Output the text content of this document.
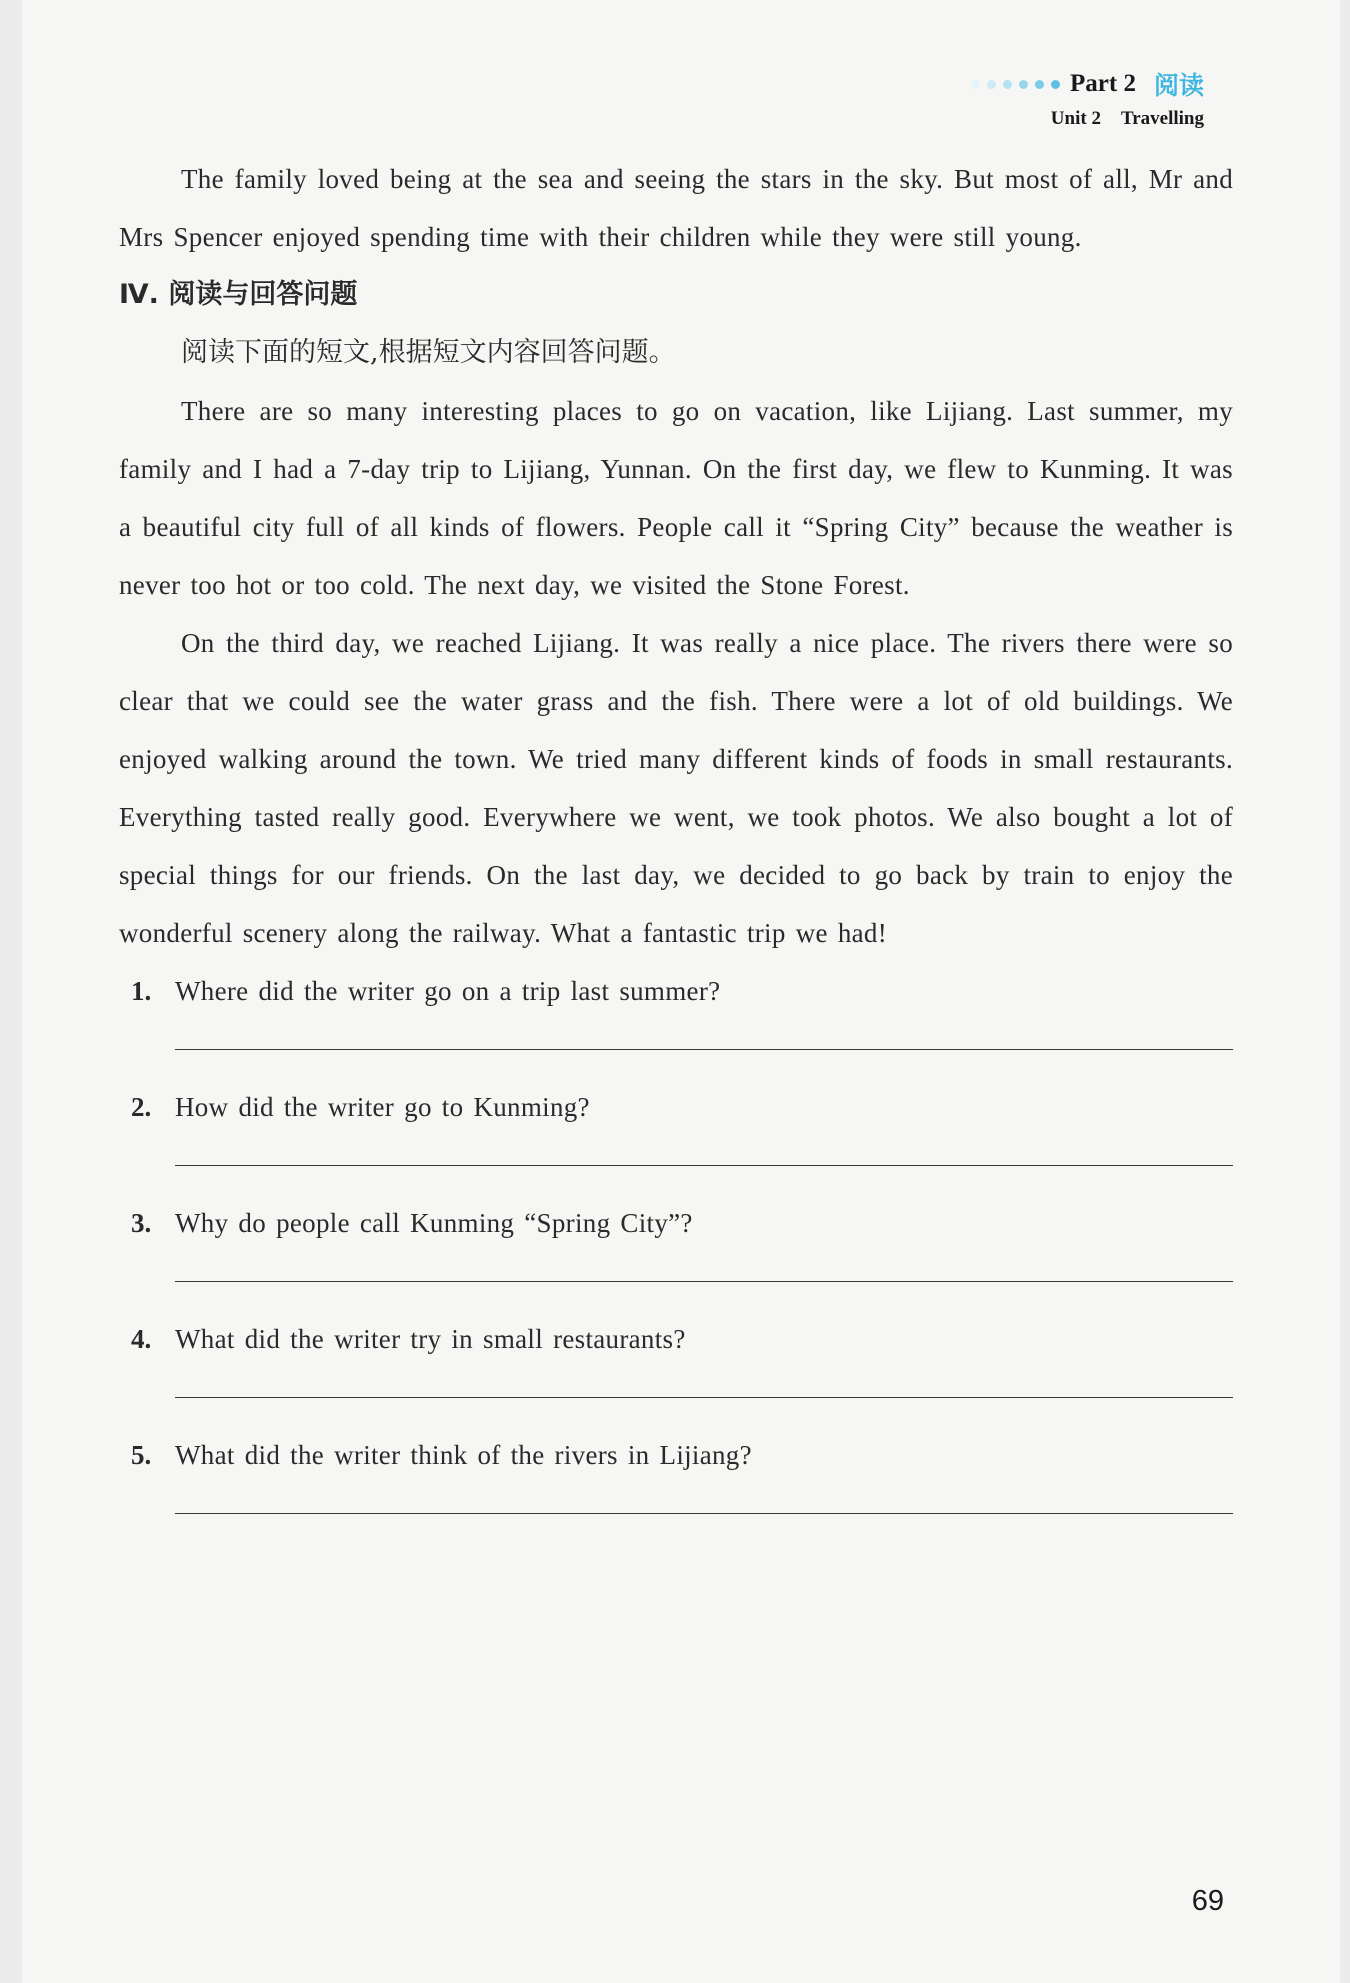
Part 2 阅读
Unit 2 Travelling

The family loved being at the sea and seeing the stars in the sky. But most of all, Mr and Mrs Spencer enjoyed spending time with their children while they were still young.

Ⅳ. 阅读与回答问题

阅读下面的短文,根据短文内容回答问题。

There are so many interesting places to go on vacation, like Lijiang. Last summer, my family and I had a 7-day trip to Lijiang, Yunnan. On the first day, we flew to Kunming. It was a beautiful city full of all kinds of flowers. People call it “Spring City” because the weather is never too hot or too cold. The next day, we visited the Stone Forest.

On the third day, we reached Lijiang. It was really a nice place. The rivers there were so clear that we could see the water grass and the fish. There were a lot of old buildings. We enjoyed walking around the town. We tried many different kinds of foods in small restaurants. Everything tasted really good. Everywhere we went, we took photos. We also bought a lot of special things for our friends. On the last day, we decided to go back by train to enjoy the wonderful scenery along the railway. What a fantastic trip we had!

1. Where did the writer go on a trip last summer?
2. How did the writer go to Kunming?
3. Why do people call Kunming “Spring City”?
4. What did the writer try in small restaurants?
5. What did the writer think of the rivers in Lijiang?
69
